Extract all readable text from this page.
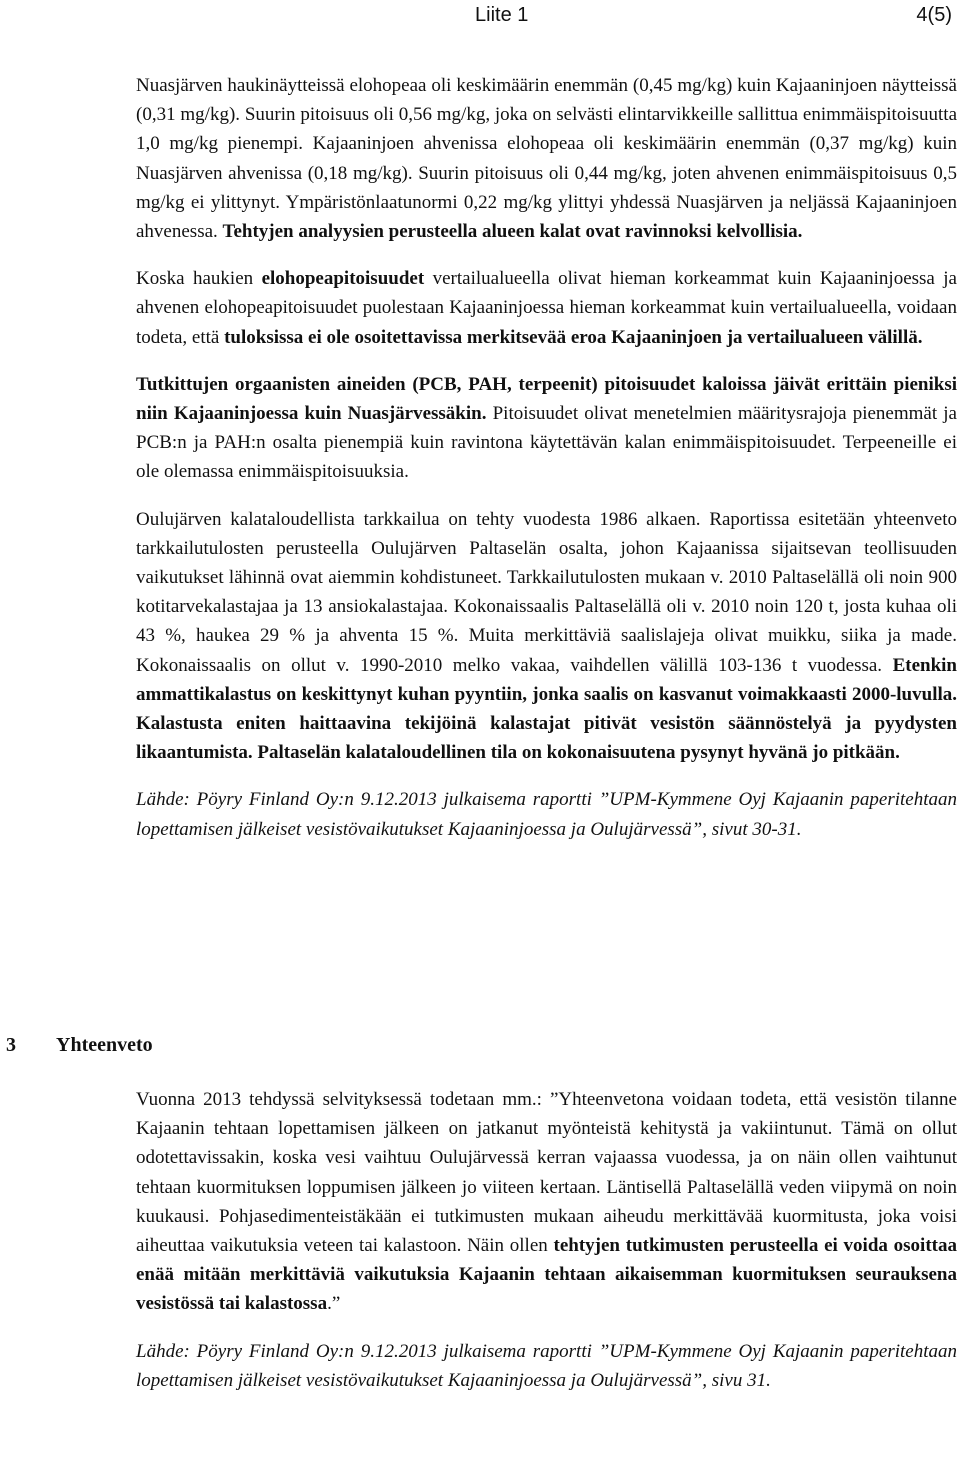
Liite 1	4(5)

Nuasjärven haukinäytteissä elohopeaa oli keskimäärin enemmän (0,45 mg/kg) kuin Kajaaninjoen näytteissä (0,31 mg/kg). Suurin pitoisuus oli 0,56 mg/kg, joka on selvästi elintarvikkeille sallittua enimmäispitoisuutta 1,0 mg/kg pienempi. Kajaaninjoen ahvenissa elohopeaa oli keskimäärin enemmän (0,37 mg/kg) kuin Nuasjärven ahvenissa (0,18 mg/kg). Suurin pitoisuus oli 0,44 mg/kg, joten ahvenen enimmäispitoisuus 0,5 mg/kg ei ylittynyt. Ympäristönlaatunormi 0,22 mg/kg ylittyi yhdessä Nuasjärven ja neljässä Kajaaninjoen ahvenessa. Tehtyjen analyysien perusteella alueen kalat ovat ravinnoksi kelvollisia.

Koska haukien elohopeapitoisuudet vertailualueella olivat hieman korkeammat kuin Kajaaninjoessa ja ahvenen elohopeapitoisuudet puolestaan Kajaaninjoessa hieman korkeammat kuin vertailualueella, voidaan todeta, että tuloksissa ei ole osoitettavissa merkitsevää eroa Kajaaninjoen ja vertailualueen välillä.

Tutkittujen orgaanisten aineiden (PCB, PAH, terpeenit) pitoisuudet kaloissa jäivät erittäin pieniksi niin Kajaaninjoessa kuin Nuasjärvessäkin. Pitoisuudet olivat menetelmien määritysrajoja pienemmät ja PCB:n ja PAH:n osalta pienempiä kuin ravintona käytettävän kalan enimmäispitoisuudet. Terpeeneille ei ole olemassa enimmäispitoisuuksia.

Oulujärven kalataloudellista tarkkailua on tehty vuodesta 1986 alkaen. Raportissa esitetään yhteenveto tarkkailutulosten perusteella Oulujärven Paltaselän osalta, johon Kajaanissa sijaitsevan teollisuuden vaikutukset lähinnä ovat aiemmin kohdistuneet. Tarkkailutulosten mukaan v. 2010 Paltaselällä oli noin 900 kotitarvekalastajaa ja 13 ansiokalastajaa. Kokonaissaalis Paltaselällä oli v. 2010 noin 120 t, josta kuhaa oli 43 %, haukea 29 % ja ahventa 15 %. Muita merkittäviä saalislajeja olivat muikku, siika ja made. Kokonaissaalis on ollut v. 1990-2010 melko vakaa, vaihdellen välillä 103-136 t vuodessa. Etenkin ammattikalastus on keskittynyt kuhan pyyntiin, jonka saalis on kasvanut voimakkaasti 2000-luvulla. Kalastusta eniten haittaavina tekijöinä kalastajat pitivät vesistön säännöstelyä ja pyydysten likaantumista. Paltaselän kalataloudellinen tila on kokonaisuutena pysynyt hyvänä jo pitkään.

Lähde: Pöyry Finland Oy:n 9.12.2013 julkaisema raportti ”UPM-Kymmene Oyj Kajaanin paperitehtaan lopettamisen jälkeiset vesistövaikutukset Kajaaninjoessa ja Oulujärvessä”, sivut 30-31.

3 Yhteenveto

Vuonna 2013 tehdyssä selvityksessä todetaan mm.: ”Yhteenvetona voidaan todeta, että vesistön tilanne Kajaanin tehtaan lopettamisen jälkeen on jatkanut myönteistä kehitystä ja vakiintunut. Tämä on ollut odotettavissakin, koska vesi vaihtuu Oulujärvessä kerran vajaassa vuodessa, ja on näin ollen vaihtunut tehtaan kuormituksen loppumisen jälkeen jo viiteen kertaan. Läntisellä Paltaselällä veden viipymä on noin kuukausi. Pohjasedimenteistäkään ei tutkimusten mukaan aiheudu merkittävää kuormitusta, joka voisi aiheuttaa vaikutuksia veteen tai kalastoon. Näin ollen tehtyjen tutkimusten perusteella ei voida osoittaa enää mitään merkittäviä vaikutuksia Kajaanin tehtaan aikaisemman kuormituksen seurauksena vesistössä tai kalastossa.”

Lähde: Pöyry Finland Oy:n 9.12.2013 julkaisema raportti ”UPM-Kymmene Oyj Kajaanin paperitehtaan lopettamisen jälkeiset vesistövaikutukset Kajaaninjoessa ja Oulujärvessä”, sivu 31.
